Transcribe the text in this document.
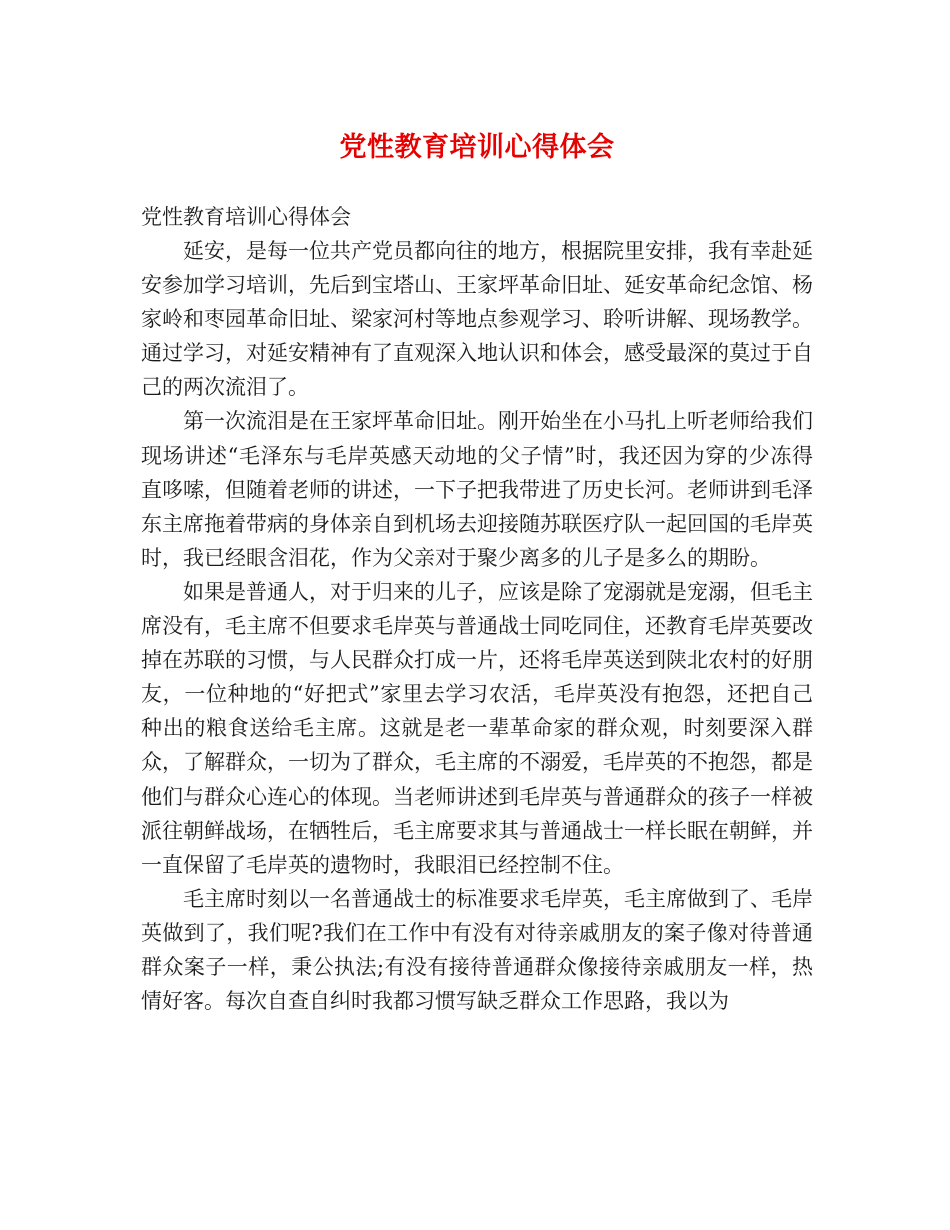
党性教育培训心得体会

党性教育培训心得体会

延安，是每一位共产党员都向往的地方，根据院里安排，我有幸赴延安参加学习培训，先后到宝塔山、王家坪革命旧址、延安革命纪念馆、杨家岭和枣园革命旧址、梁家河村等地点参观学习、聆听讲解、现场教学。通过学习，对延安精神有了直观深入地认识和体会，感受最深的莫过于自己的两次流泪了。

第一次流泪是在王家坪革命旧址。刚开始坐在小马扎上听老师给我们现场讲述“毛泽东与毛岸英感天动地的父子情”时，我还因为穿的少冻得直哆嗦，但随着老师的讲述，一下子把我带进了历史长河。老师讲到毛泽东主席拖着带病的身体亲自到机场去迎接随苏联医疗队一起回国的毛岸英时，我已经眼含泪花，作为父亲对于聚少离多的儿子是多么的期盼。

如果是普通人，对于归来的儿子，应该是除了宠溺就是宠溺，但毛主席没有，毛主席不但要求毛岸英与普通战士同吃同住，还教育毛岸英要改掉在苏联的习惯，与人民群众打成一片，还将毛岸英送到陕北农村的好朋友，一位种地的“好把式”家里去学习农活，毛岸英没有抱怨，还把自己种出的粮食送给毛主席。这就是老一辈革命家的群众观，时刻要深入群众，了解群众，一切为了群众，毛主席的不溺爱，毛岸英的不抱怨，都是他们与群众心连心的体现。当老师讲述到毛岸英与普通群众的孩子一样被派往朝鲜战场，在牺牲后，毛主席要求其与普通战士一样长眠在朝鲜，并一直保留了毛岸英的遗物时，我眼泪已经控制不住。

毛主席时刻以一名普通战士的标准要求毛岸英，毛主席做到了、毛岸英做到了，我们呢?我们在工作中有没有对待亲戚朋友的案子像对待普通群众案子一样，秉公执法;有没有接待普通群众像接待亲戚朋友一样，热情好客。每次自查自纠时我都习惯写缺乏群众工作思路，我以为
